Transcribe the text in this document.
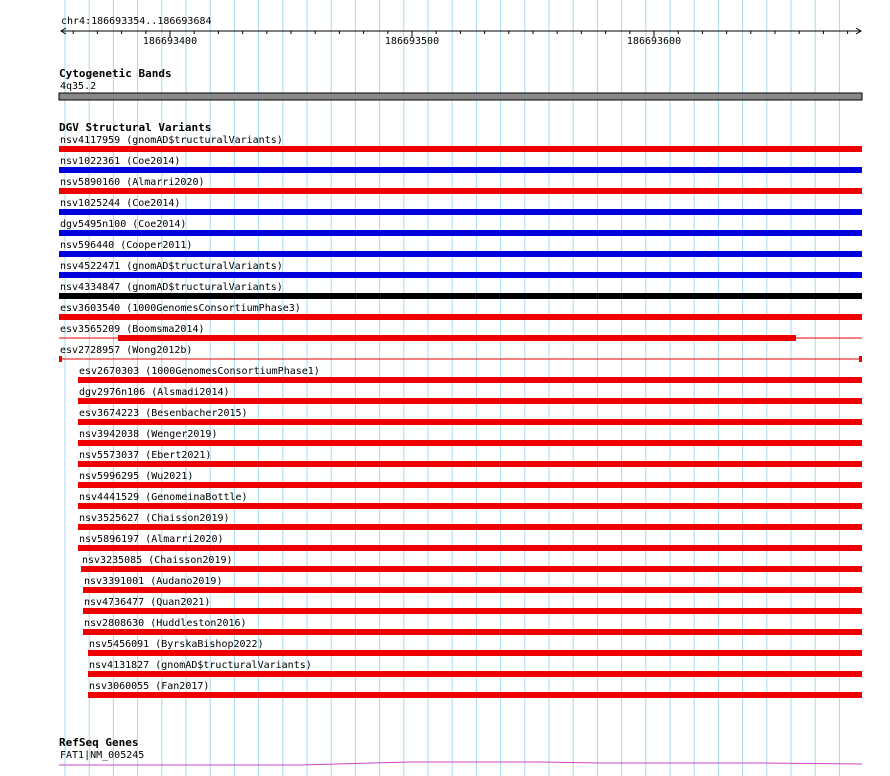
chr4:186693354..186693684
186693400	186693500	186693600
Cytogenetic Bands
4q35.2
DGV Structural Variants
nsv4117959 (gnomAD$tructuralVariants)
nsv1022361 (Coe2014)
nsv5890160 (Almarri2020)
nsv1025244 (Coe2014)
dgv5495n100 (Coe2014)
nsv596440 (Cooper2011)
nsv4522471 (gnomAD$tructuralVariants)
nsv4334847 (gnomAD$tructuralVariants)
esv3603540 (1000GenomesConsortiumPhase3)
esv3565209 (Boomsma2014)
esv2728957 (Wong2012b)
esv2670303 (1000GenomesConsortiumPhase1)
dgv2976n106 (Alsmadi2014)
esv3674223 (Besenbacher2015)
nsv3942038 (Wenger2019)
nsv5573037 (Ebert2021)
nsv5996295 (Wu2021)
nsv4441529 (GenomeinaBottle)
nsv3525627 (Chaisson2019)
nsv5896197 (Almarri2020)
nsv3235085 (Chaisson2019)
nsv3391001 (Audano2019)
nsv4736477 (Quan2021)
nsv2808630 (Huddleston2016)
nsv5456091 (ByrskaBishop2022)
nsv4131827 (gnomAD$tructuralVariants)
nsv3060055 (Fan2017)
RefSeq Genes
FAT1|NM_005245
